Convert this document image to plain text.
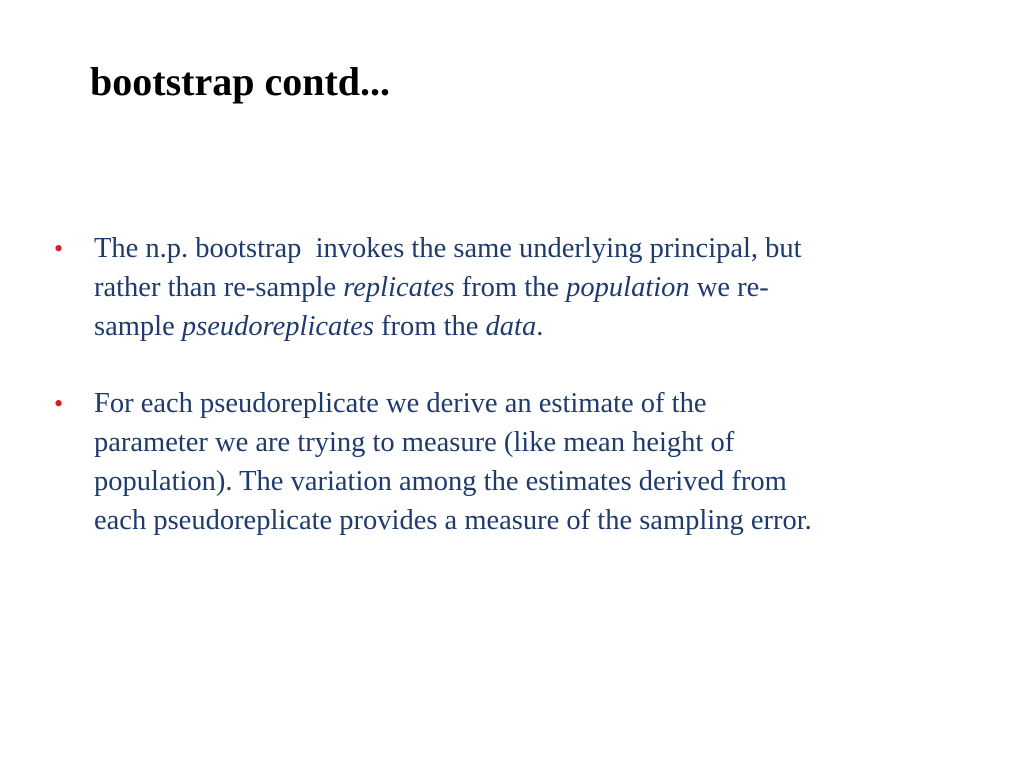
bootstrap contd...
• The n.p. bootstrap  invokes the same underlying principal, but
rather than re-sample replicates from the population we re-
sample pseudoreplicates from the data.
• For each pseudoreplicate we derive an estimate of the
parameter we are trying to measure (like mean height of
population). The variation among the estimates derived from
each pseudoreplicate provides a measure of the sampling error.
